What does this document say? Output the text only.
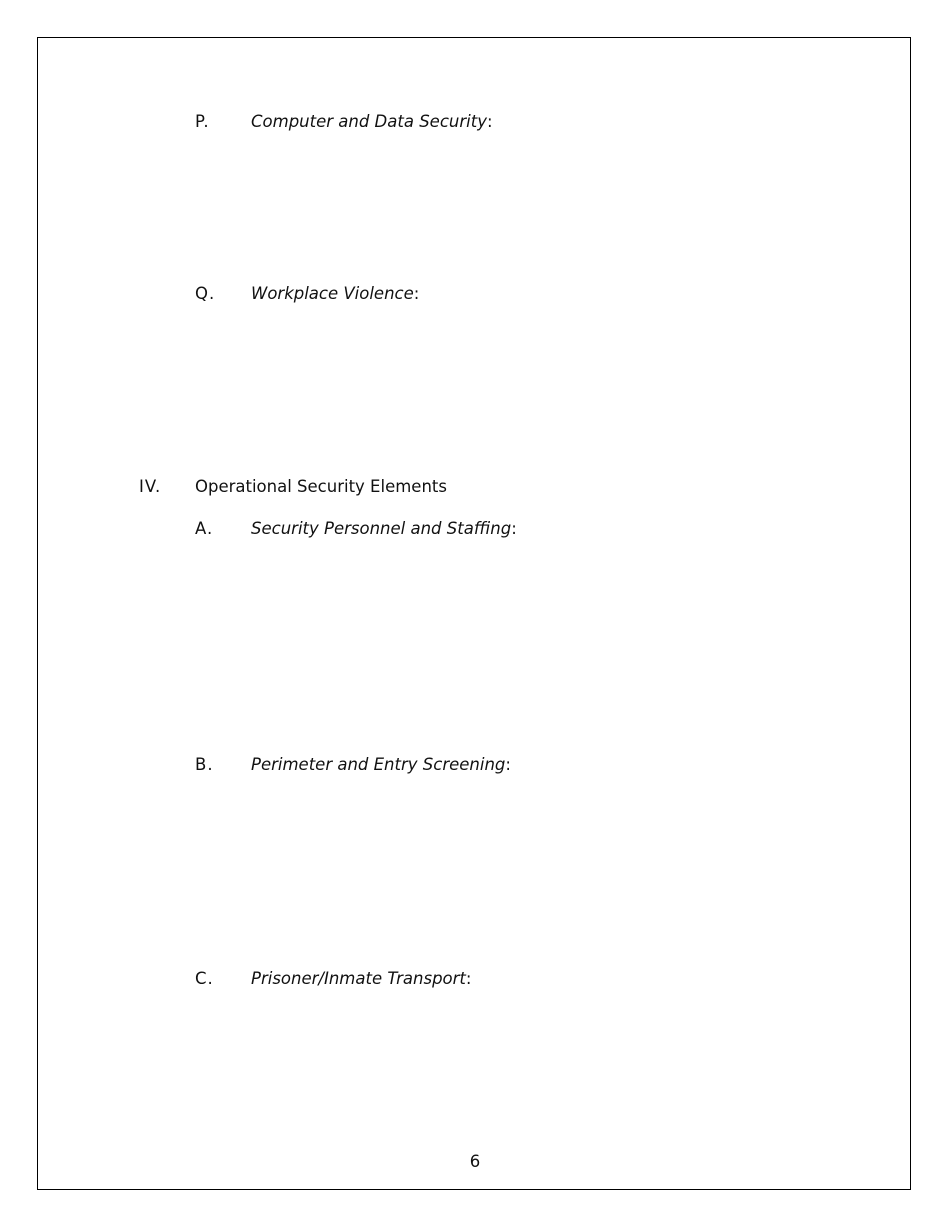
P.	Computer and Data Security:
Q. Workplace Violence:
IV. Operational Security Elements
A. Security Personnel and Staffing:
B. Perimeter and Entry Screening:
C. Prisoner/Inmate Transport:
6
